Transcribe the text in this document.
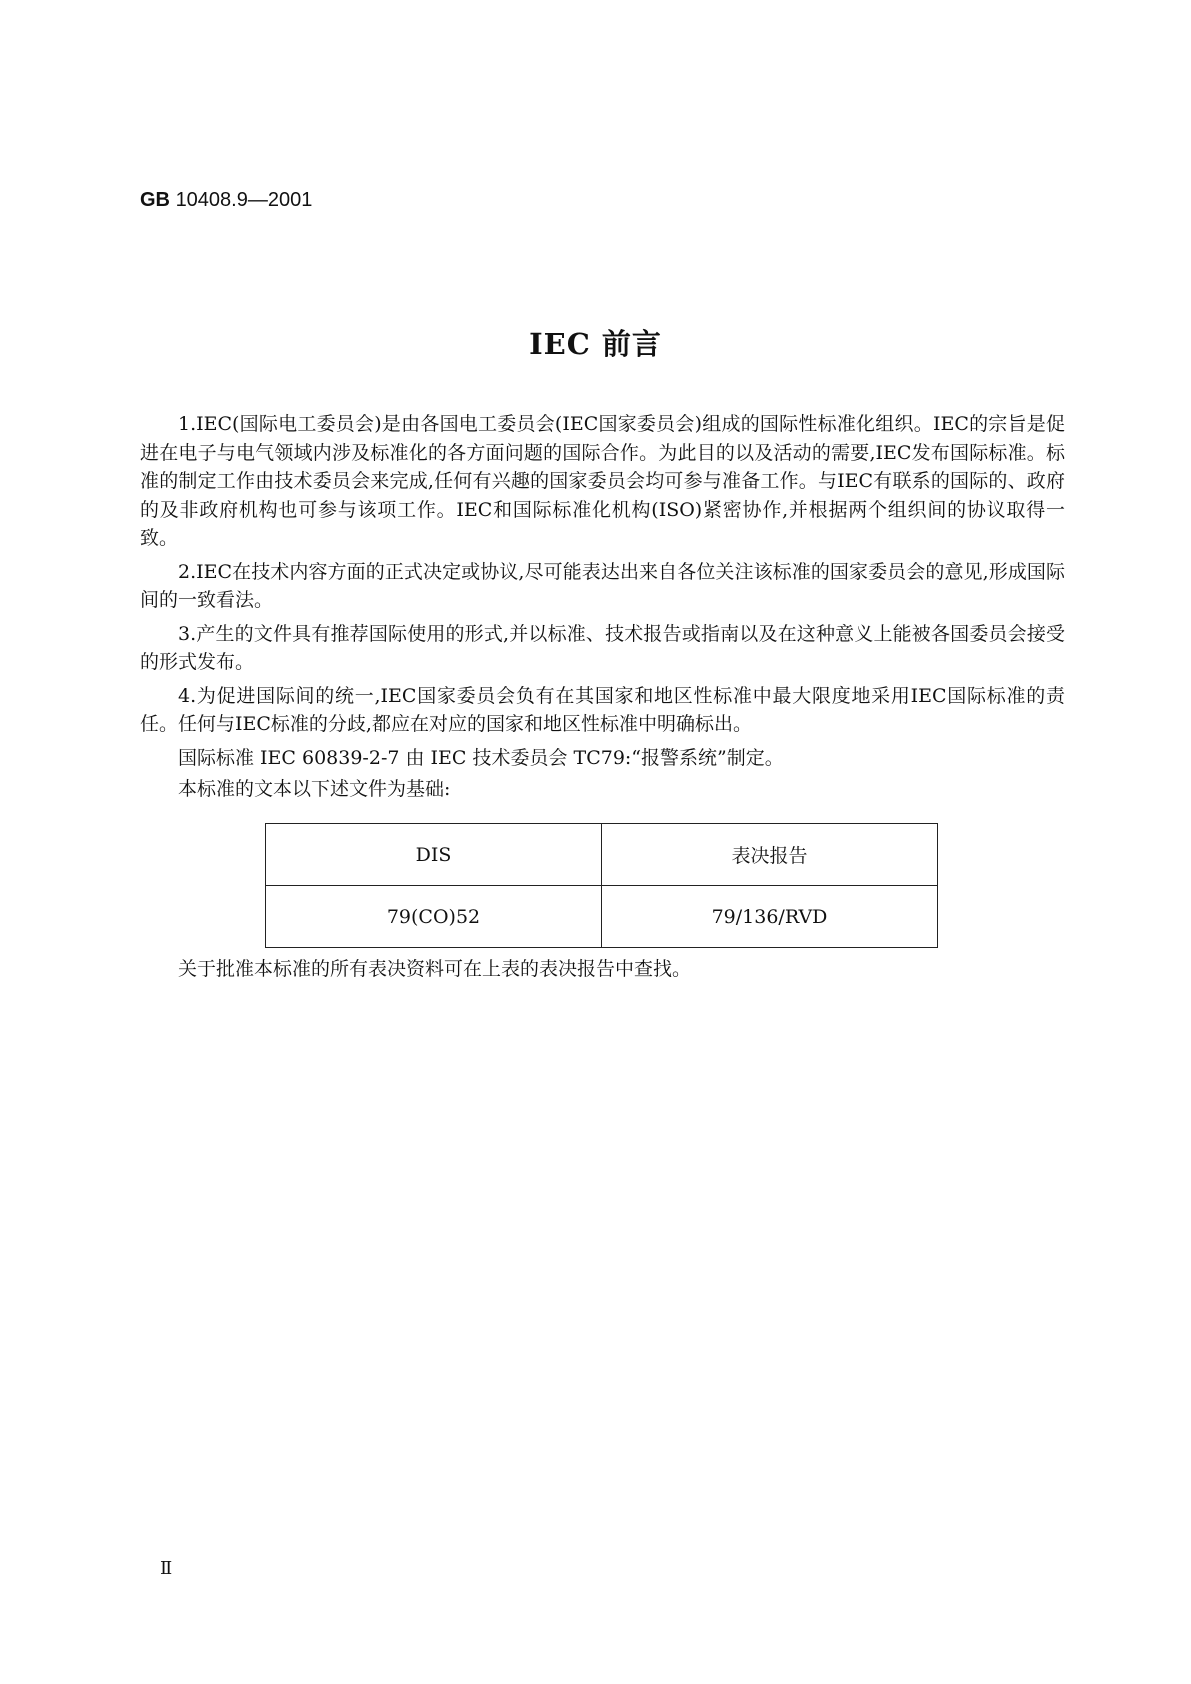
GB 10408.9—2001
IEC 前言

1.IEC(国际电工委员会)是由各国电工委员会(IEC国家委员会)组成的国际性标准化组织。IEC的宗旨是促进在电子与电气领域内涉及标准化的各方面问题的国际合作。为此目的以及活动的需要,IEC发布国际标准。标准的制定工作由技术委员会来完成,任何有兴趣的国家委员会均可参与准备工作。与IEC有联系的国际的、政府的及非政府机构也可参与该项工作。IEC和国际标准化机构(ISO)紧密协作,并根据两个组织间的协议取得一致。

2.IEC在技术内容方面的正式决定或协议,尽可能表达出来自各位关注该标准的国家委员会的意见,形成国际间的一致看法。

3.产生的文件具有推荐国际使用的形式,并以标准、技术报告或指南以及在这种意义上能被各国委员会接受的形式发布。

4.为促进国际间的统一,IEC国家委员会负有在其国家和地区性标准中最大限度地采用IEC国际标准的责任。任何与IEC标准的分歧,都应在对应的国家和地区性标准中明确标出。

国际标准 IEC 60839-2-7 由 IEC 技术委员会 TC79:“报警系统”制定。

本标准的文本以下述文件为基础:

DIS	表决报告
79(CO)52	79/136/RVD
关于批准本标准的所有表决资料可在上表的表决报告中查找。
Ⅱ
